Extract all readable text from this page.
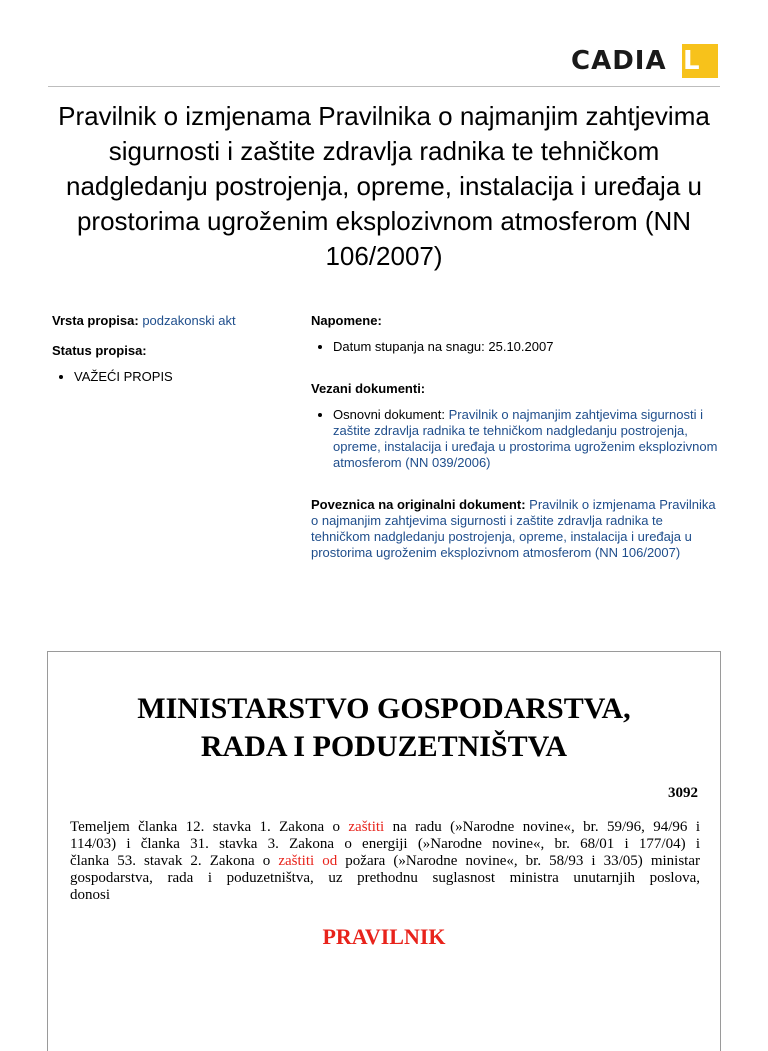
CADIA L
Pravilnik o izmjenama Pravilnika o najmanjim zahtjevima sigurnosti i zaštite zdravlja radnika te tehničkom nadgledanju postrojenja, opreme, instalacija i uređaja u prostorima ugroženim eksplozivnom atmosferom (NN 106/2007)
Vrsta propisa: podzakonski akt
Status propisa:
• VAŽEĆI PROPIS
Napomene:
• Datum stupanja na snagu: 25.10.2007
Vezani dokumenti:
• Osnovni dokument: Pravilnik o najmanjim zahtjevima sigurnosti i zaštite zdravlja radnika te tehničkom nadgledanju postrojenja, opreme, instalacija i uređaja u prostorima ugroženim eksplozivnom atmosferom (NN 039/2006)
Poveznica na originalni dokument: Pravilnik o izmjenama Pravilnika o najmanjim zahtjevima sigurnosti i zaštite zdravlja radnika te tehničkom nadgledanju postrojenja, opreme, instalacija i uređaja u prostorima ugroženim eksplozivnom atmosferom (NN 106/2007)
MINISTARSTVO GOSPODARSTVA,
RADA I PODUZETNIŠTVA
3092

Temeljem članka 12. stavka 1. Zakona o zaštiti na radu (»Narodne novine«, br. 59/96, 94/96 i
114/03) i članka 31. stavka 3. Zakona o energiji (»Narodne novine«, br. 68/01 i 177/04) i
članka 53. stavak 2. Zakona o zaštiti od požara (»Narodne novine«, br. 58/93 i 33/05) ministar
gospodarstva, rada i poduzetništva, uz prethodnu suglasnost ministra unutarnjih poslova,
donosi

PRAVILNIK
